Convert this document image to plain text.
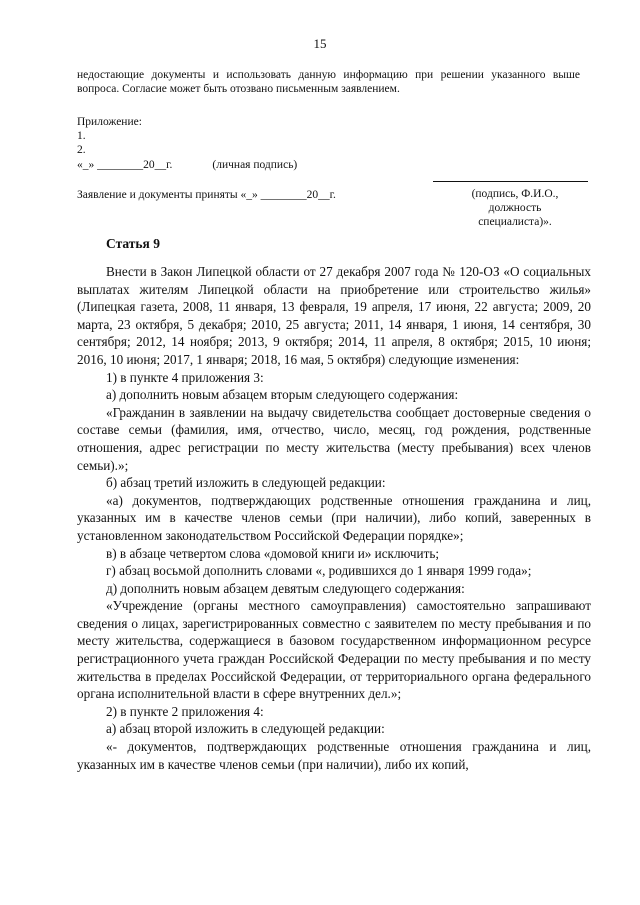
15
недостающие документы и использовать данную информацию при решении указанного выше вопроса. Согласие может быть отозвано письменным заявлением.
Приложение:
1.
2.
«_» ________20__г.	(личная подпись)
Заявление и документы приняты «_» ________20__г.	(подпись, Ф.И.О.,
должность
специалиста)».
Статья 9

Внести в Закон Липецкой области от 27 декабря 2007 года № 120-ОЗ «О социальных выплатах жителям Липецкой области на приобретение или строительство жилья» (Липецкая газета, 2008, 11 января, 13 февраля, 19 апреля, 17 июня, 22 августа; 2009, 20 марта, 23 октября, 5 декабря; 2010, 25 августа; 2011, 14 января, 1 июня, 14 сентября, 30 сентября; 2012, 14 ноября; 2013, 9 октября; 2014, 11 апреля, 8 октября; 2015, 10 июня; 2016, 10 июня; 2017, 1 января; 2018, 16 мая, 5 октября) следующие изменения:

1) в пункте 4 приложения 3:

а) дополнить новым абзацем вторым следующего содержания:

«Гражданин в заявлении на выдачу свидетельства сообщает достоверные сведения о составе семьи (фамилия, имя, отчество, число, месяц, год рождения, родственные отношения, адрес регистрации по месту жительства (месту пребывания) всех членов семьи).»;

б) абзац третий изложить в следующей редакции:

«а) документов, подтверждающих родственные отношения гражданина и лиц, указанных им в качестве членов семьи (при наличии), либо копий, заверенных в установленном законодательством Российской Федерации порядке»;

в) в абзаце четвертом слова «домовой книги и» исключить;

г) абзац восьмой дополнить словами «, родившихся до 1 января 1999 года»;

д) дополнить новым абзацем девятым следующего содержания:

«Учреждение (органы местного самоуправления) самостоятельно запрашивают сведения о лицах, зарегистрированных совместно с заявителем по месту пребывания и по месту жительства, содержащиеся в базовом государственном информационном ресурсе регистрационного учета граждан Российской Федерации по месту пребывания и по месту жительства в пределах Российской Федерации, от территориального органа федерального органа исполнительной власти в сфере внутренних дел.»;

2) в пункте 2 приложения 4:

а) абзац второй изложить в следующей редакции:

«- документов, подтверждающих родственные отношения гражданина и лиц, указанных им в качестве членов семьи (при наличии), либо их копий,
